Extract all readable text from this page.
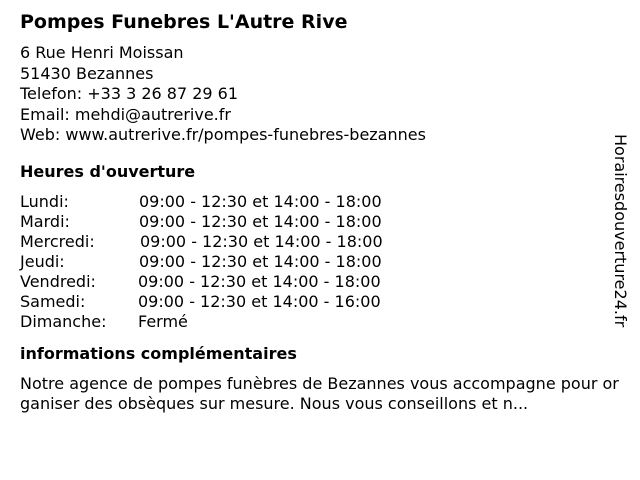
Pompes Funebres L'Autre Rive
6 Rue Henri Moissan
51430 Bezannes
Telefon: +33 3 26 87 29 61
Email: mehdi@autrerive.fr
Web: www.autrerive.fr/pompes-funebres-bezannes
Heures d'ouverture
Lundi:	09:00 - 12:30 et 14:00 - 18:00
Mardi:	09:00 - 12:30 et 14:00 - 18:00
Mercredi:	09:00 - 12:30 et 14:00 - 18:00
Jeudi:	09:00 - 12:30 et 14:00 - 18:00
Vendredi:	09:00 - 12:30 et 14:00 - 18:00
Samedi:	09:00 - 12:30 et 14:00 - 16:00
Dimanche: Fermé
informations complémentaires
Notre agence de pompes funèbres de Bezannes vous accompagne pour organiser des obsèques sur mesure. Nous vous conseillons et n...
Horairesdouverture24.fr
